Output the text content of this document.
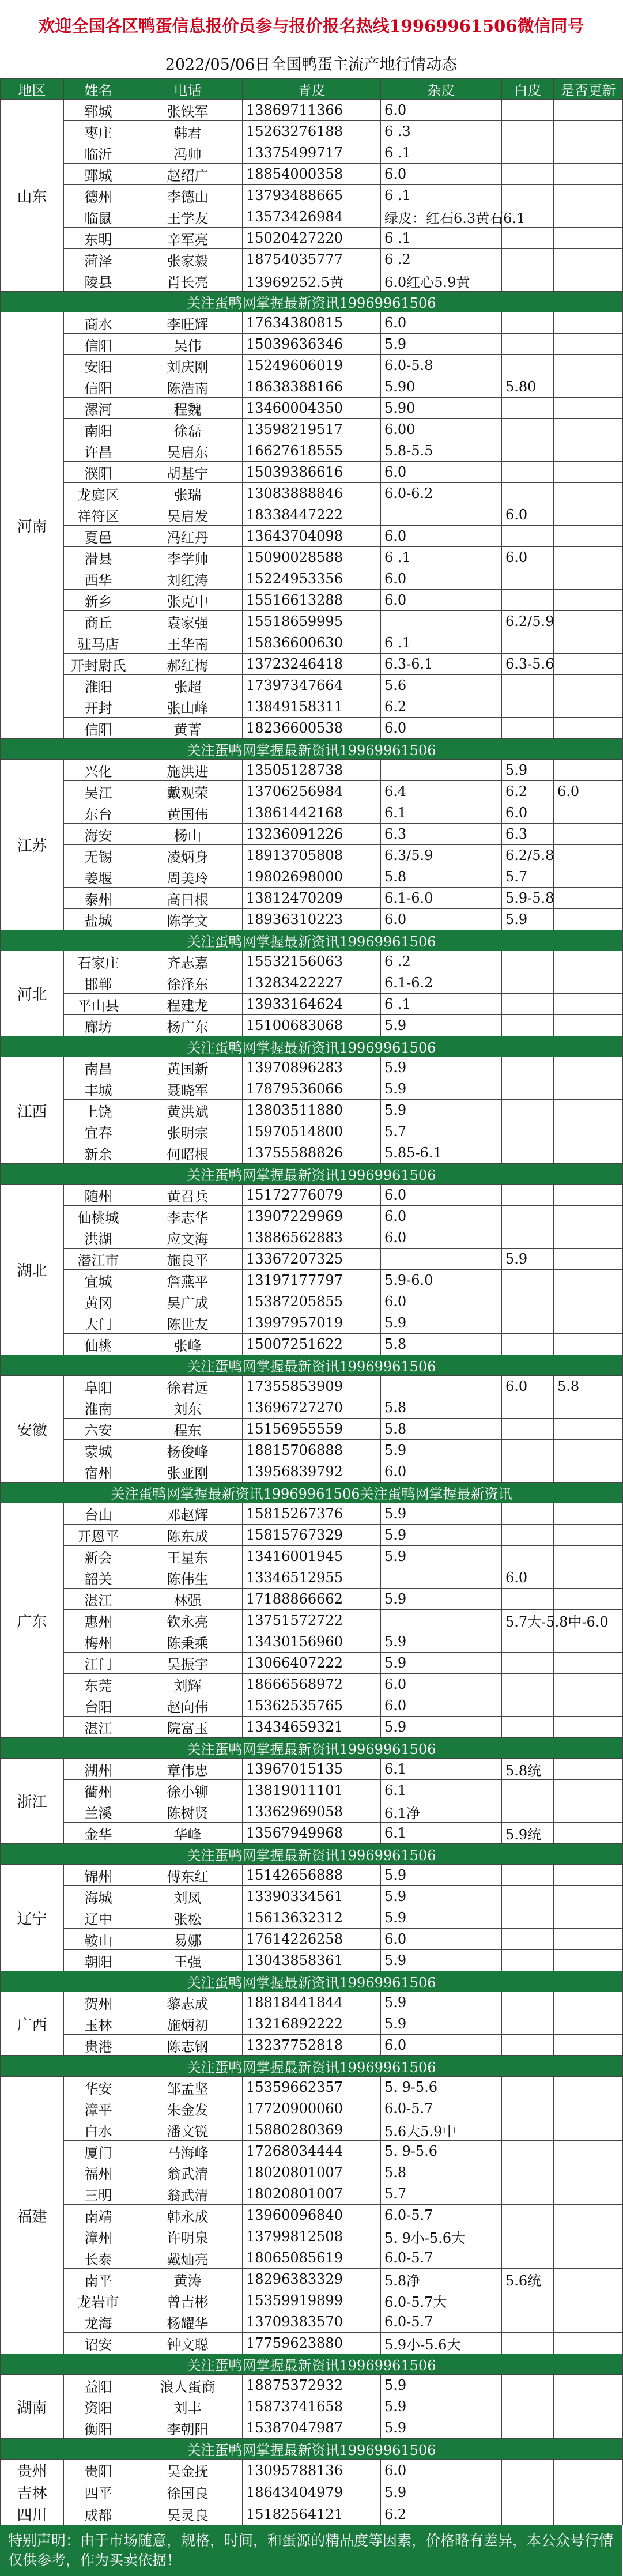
欢迎全国各区鸭蛋信息报价员参与报价报名热线19969961506微信同号
2022/05/06日全国鸭蛋主流产地行情动态
地区	姓名	电话	青皮	杂皮	白皮	是否更新	
山东	郓城	张铁军	13869711366	6.0			
	枣庄	韩君	15263276188	6 .3			
	临沂	冯帅	13375499717	6 .1			
	鄄城	赵绍广	18854000358	6.0			
	德州	李德山	13793488665	6 .1			
	临鼠	王学友	13573426984	绿皮：红石6.3黄石6.1			
	东明	辛军亮	15020427220	6 .1			
	菏泽	张家毅	18754035777	6 .2			
	陵县	肖长亮	13969252.5黄	6.0红心5.9黄			
关注蛋鸭网掌握最新资讯19969961506							
河南	商水	李旺辉	17634380815	6.0			
	信阳	吴伟	15039636346	5.9			
	安阳	刘庆刚	15249606019	6.0-5.8			
	信阳	陈浩南	18638388166	5.90	5.80		
	漯河	程魏	13460004350	5.90			
	南阳	徐磊	13598219517	6.00			
	许昌	吴启东	16627618555	5.8-5.5			
	濮阳	胡基宁	15039386616	6.0			
	龙庭区	张瑞	13083888846	6.0-6.2			
	祥符区	吴启发	18338447222		6.0		
	夏邑	冯红丹	13643704098	6.0			
	滑县	李学帅	15090028588	6 .1	6.0		
	西华	刘红涛	15224953356	6.0			
	新乡	张克中	15516613288	6.0			
	商丘	袁家强	15518659995		6.2/5.9		
	驻马店	王华南	15836600630	6 .1			
	开封尉氏	郝红梅	13723246418	6.3-6.1	6.3-5.6		
	淮阳	张超	17397347664	5.6			
	开封	张山峰	13849158311	6.2			
	信阳	黄菁	18236600538	6.0			
关注蛋鸭网掌握最新资讯19969961506							
江苏	兴化	施洪进	13505128738		5.9		
	吴江	戴观荣	13706256984	6.4	6.2	6.0	
	东台	黄国伟	13861442168	6.1	6.0		
	海安	杨山	13236091226	6.3	6.3		
	无锡	凌炳身	18913705808	6.3/5.9	6.2/5.8		
	姜堰	周美玲	19802698000	5.8	5.7		
	泰州	高日根	13812470209	6.1-6.0	5.9-5.8		
	盐城	陈学文	18936310223	6.0	5.9		
关注蛋鸭网掌握最新资讯19969961506							
河北	石家庄	齐志嘉	15532156063	6 .2			
	邯郸	徐泽东	13283422227	6.1-6.2			
	平山县	程建龙	13933164624	6 .1			
	廊坊	杨广东	15100683068	5.9			
关注蛋鸭网掌握最新资讯19969961506							
江西	南昌	黄国新	13970896283	5.9			
	丰城	聂晓军	17879536066	5.9			
	上饶	黄洪斌	13803511880	5.9			
	宜春	张明宗	15970514800	5.7			
	新余	何昭根	13755588826	5.85-6.1			
关注蛋鸭网掌握最新资讯19969961506							
湖北	随州	黄召兵	15172776079	6.0			
	仙桃城	李志华	13907229969	6.0			
	洪湖	应文海	13886562883	6.0			
	潜江市	施良平	13367207325		5.9		
	宜城	詹燕平	13197177797	5.9-6.0			
	黄冈	吴广成	15387205855	6.0			
	大门	陈世友	13997957019	5.9			
	仙桃	张峰	15007251622	5.8			
关注蛋鸭网掌握最新资讯19969961506							
安徽	阜阳	徐君远	17355853909		6.0	5.8	
	淮南	刘东	13696727270	5.8			
	六安	程东	15156955559	5.8			
	蒙城	杨俊峰	18815706888	5.9			
	宿州	张亚刚	13956839792	6.0			
关注蛋鸭网掌握最新资讯19969961506关注蛋鸭网掌握最新资讯							
广东	台山	邓赵辉	15815267376	5.9			
	开恩平	陈东成	15815767329	5.9			
	新会	王星东	13416001945	5.9			
	韶关	陈伟生	13346512955		6.0		
	湛江	林强	17188866662	5.9			
	惠州	钦永亮	13751572722		5.7大-5.8中-6.0		
	梅州	陈秉乘	13430156960	5.9			
	江门	吴振宇	13066407222	5.9			
	东莞	刘辉	18666568972	6.0			
	台阳	赵向伟	15362535765	6.0			
	湛江	院富玉	13434659321	5.9			
关注蛋鸭网掌握最新资讯19969961506							
浙江	湖州	章伟忠	13967015135	6.1	5.8统		
	衢州	徐小铆	13819011101	6.1			
	兰溪	陈树贤	13362969058	6.1净			
	金华	华峰	13567949968	6.1	5.9统		
关注蛋鸭网掌握最新资讯19969961506							
辽宁	锦州	傅东红	15142656888	5.9			
	海城	刘凤	13390334561	5.9			
	辽中	张松	15613632312	5.9			
	鞍山	易娜	17614226258	6.0			
	朝阳	王强	13043858361	5.9			
关注蛋鸭网掌握最新资讯19969961506							
广西	贺州	黎志成	18818441844	5.9			
	玉林	施炳初	13216892222	5.9			
	贵港	陈志钢	13237752818	6.0			
关注蛋鸭网掌握最新资讯19969961506							
福建	华安	邹孟坚	15359662357	5. 9-5.6			
	漳平	朱金发	17720900060	6.0-5.7			
	白水	潘文锐	15880280369	5.6大5.9中			
	厦门	马海峰	17268034444	5. 9-5.6			
	福州	翁武清	18020801007	5.8			
	三明	翁武清	18020801007	5.7			
	南靖	韩永成	13960096840	6.0-5.7			
	漳州	许明泉	13799812508	5. 9小-5.6大			
	长泰	戴灿亮	18065085619	6.0-5.7			
	南平	黄涛	18296383329	5.8净	5.6统		
	龙岩市	曾吉彬	15359919899	6.0-5.7大			
	龙海	杨耀华	13709383570	6.0-5.7			
	诏安	钟文聪	17759623880	5.9小-5.6大			
关注蛋鸭网掌握最新资讯19969961506							
湖南	益阳	浪人蛋商	18875372932	5.9			
	资阳	刘丰	15873741658	5.9			
	衡阳	李朝阳	15387047987	5.9			
关注蛋鸭网掌握最新资讯19969961506							
贵州	贵阳	吴金抚	13095788136	6.0			
吉林	四平	徐国良	18643404979	5.9			
四川	成都	吴灵良	15182564121	6.2			
特别声明：由于市场随意，规格，时间，和蛋源的精品度等因素，价格略有差异，本公众号行情仅供参考，作为买卖依据！
